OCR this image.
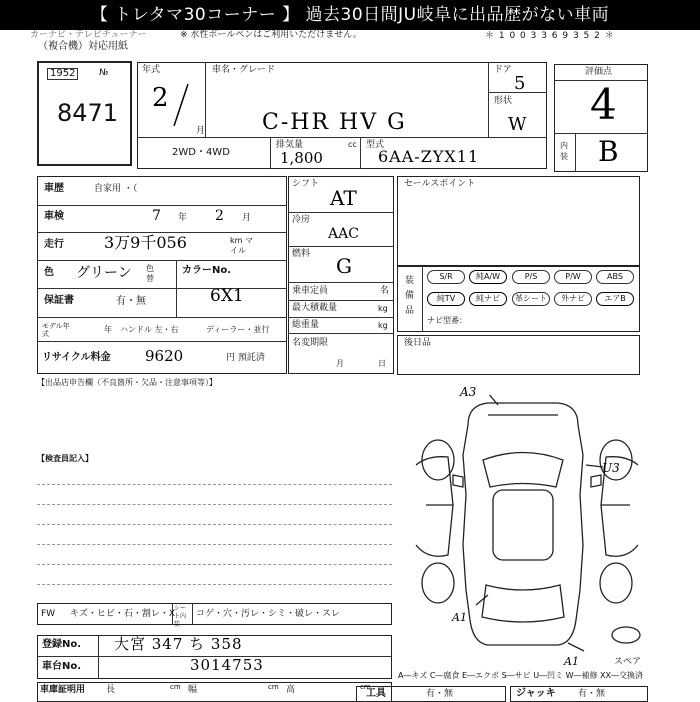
【 トレタマ30コーナー 】 過去30日間JU岐阜に出品歴がない車両
カーナビ・テレビチューナー	※ 水性ボールペンはご利用いただけません。	＊ 1 0 0 3 3 6 9 3 5 2 ＊
（複合機）対応用紙
1952	№
8471
年式
2
月
車名・グレード
C-HR HV G
ドア
5
形状
W
2WD・4WD
排気量
1,800
cc 型式
6AA-ZYX11
評価点
4
内装 B
車歴	自家用 ・（
車検	7 年 2 月
走行	3万9千056	km マイル
色 グリーン 色替
カラーNo.
6X1
保証書	有・無
モデル年式	年 ハンドル 左・右	ディーラー・並行
リサイクル料金 9620	円 預託済
シフト
AT
冷房
AAC
燃料 G
乗車定員	名
最大積載量	kg
総重量	kg
名変期限
月	日
セールスポイント
装備品
S/R	純A/W	P/S	P/W	ABS
純TV	純ナビ	革シート	外ナビ	エアB
ナビ型番：
後日品
【出品店申告欄（不良箇所・欠品・注意事項等）】
【検査員記入】
A3
U3
A1
A1	スペア
FW キズ・ヒビ・石・割レ・X
シート内装
コゲ・穴・汚レ・シミ・破レ・スレ
登録No. 大宮 347 ち 358
車台No.	3014753
A―キズ C―腐食 E―エクボ S―サビ U―凹ミ W―補修 XX―交換済
車庫証明用 長	cm 幅	cm 高	cm
工具	有・無	ジャッキ 有・無
